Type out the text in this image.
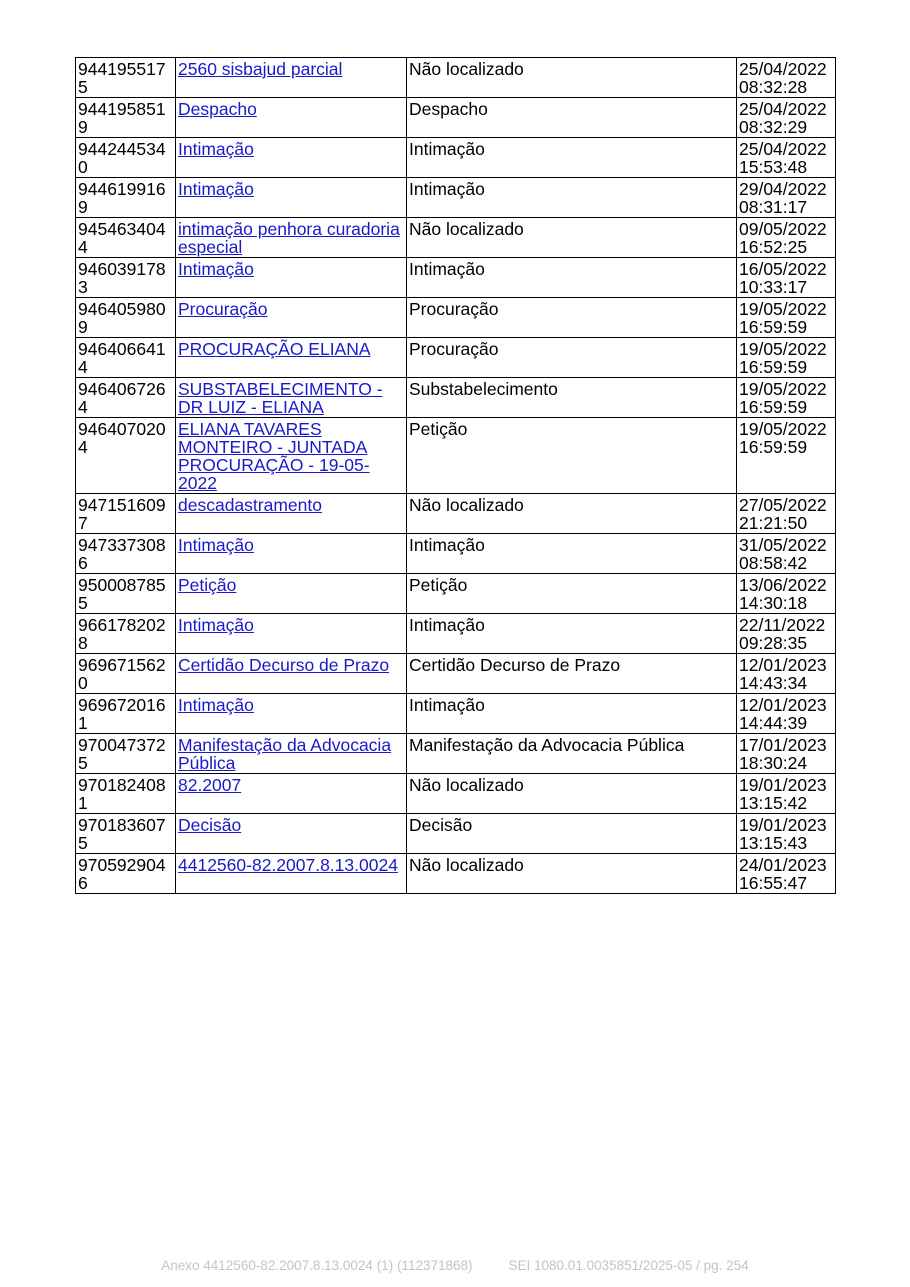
9441955175	2560 sisbajud parcial	Não localizado	25/04/2022
08:32:28

9441958519	Despacho	Despacho	25/04/2022
08:32:29

9442445340	Intimação	Intimação	25/04/2022
15:53:48

9446199169	Intimação	Intimação	29/04/2022
08:31:17

9454634044	intimação penhora curadoria especial	Não localizado	09/05/2022
16:52:25

9460391783	Intimação	Intimação	16/05/2022
10:33:17

9464059809	Procuração	Procuração	19/05/2022
16:59:59

9464066414	PROCURAÇÃO ELIANA	Procuração	19/05/2022
16:59:59

9464067264	SUBSTABELECIMENTO - DR LUIZ - ELIANA	Substabelecimento	19/05/2022
16:59:59

9464070204	ELIANA TAVARES MONTEIRO - JUNTADA PROCURAÇÃO - 19-05-2022	Petição	19/05/2022
16:59:59

9471516097	descadastramento	Não localizado	27/05/2022
21:21:50

9473373086	Intimação	Intimação	31/05/2022
08:58:42

9500087855	Petição	Petição	13/06/2022
14:30:18

9661782028	Intimação	Intimação	22/11/2022
09:28:35

9696715620	Certidão Decurso de Prazo	Certidão Decurso de Prazo	12/01/2023
14:43:34

9696720161	Intimação	Intimação	12/01/2023
14:44:39

9700473725	Manifestação da Advocacia Pública	Manifestação da Advocacia Pública	17/01/2023
18:30:24

9701824081	82.2007	Não localizado	19/01/2023
13:15:42

9701836075	Decisão	Decisão	19/01/2023
13:15:43

9705929046	4412560-82.2007.8.13.0024	Não localizado	24/01/2023
16:55:47
Anexo 4412560-82.2007.8.13.0024 (1) (112371868)	SEI 1080.01.0035851/2025-05 / pg. 254
